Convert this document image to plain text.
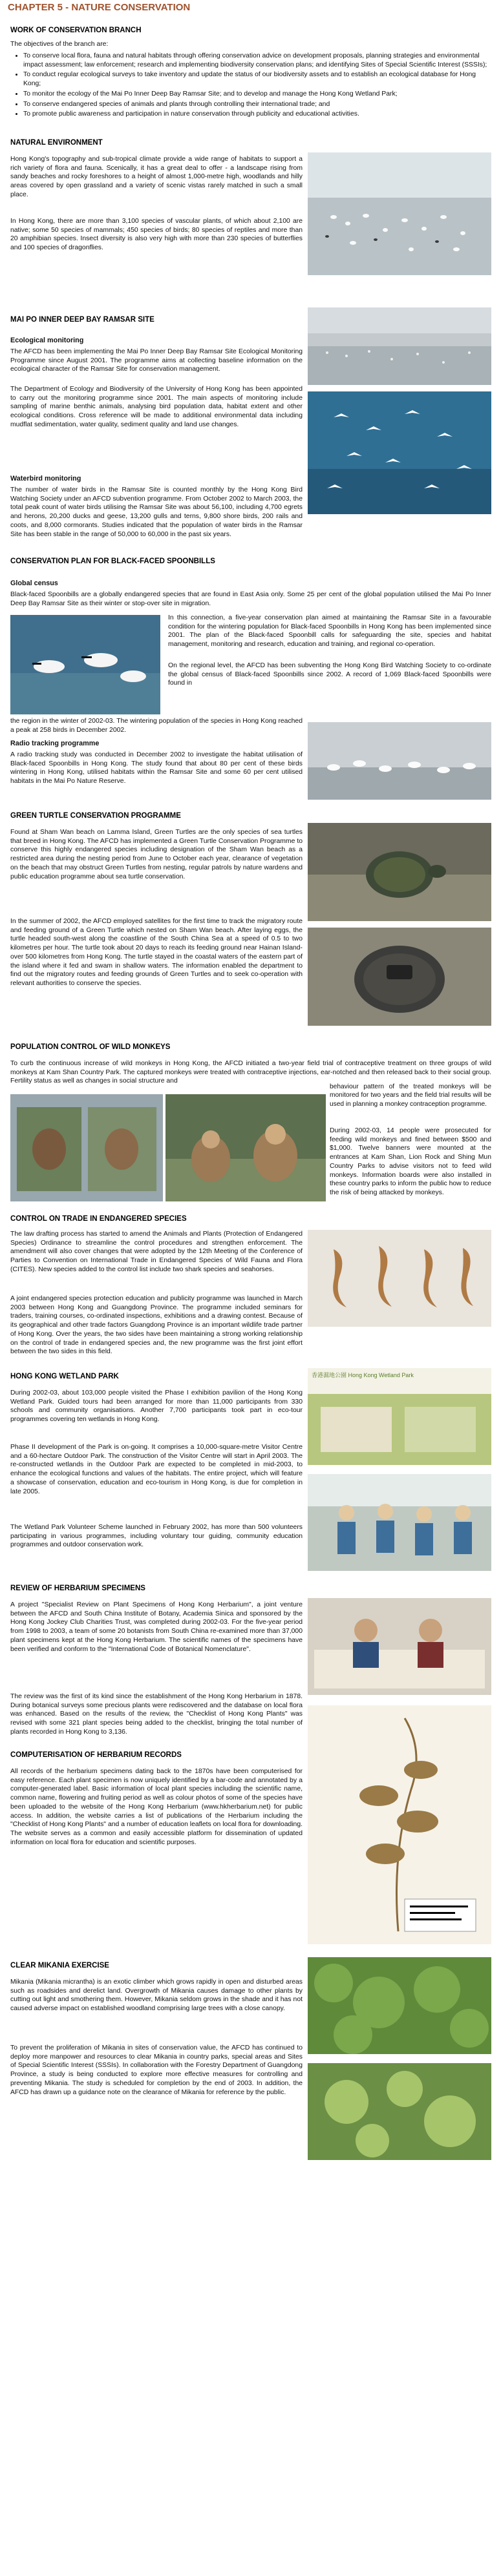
CHAPTER 5 - NATURE CONSERVATION
WORK OF CONSERVATION BRANCH
The objectives of the branch are:
• To conserve local flora, fauna and natural habitats through offering conservation advice on development proposals, planning strategies and environmental impact assessment; law enforcement; research and implementing biodiversity conservation plans; and identifying Sites of Special Scientific Interest (SSSIs);
• To conduct regular ecological surveys to take inventory and update the status of our biodiversity assets and to establish an ecological database for Hong Kong;
• To monitor the ecology of the Mai Po Inner Deep Bay Ramsar Site; and to develop and manage the Hong Kong Wetland Park;
• To conserve endangered species of animals and plants through controlling their international trade; and
• To promote public awareness and participation in nature conservation through publicity and educational activities.
NATURAL ENVIRONMENT
Hong Kong's topography and sub-tropical climate provide a wide range of habitats to support a rich variety of flora and fauna. Scenically, it has a great deal to offer - a landscape rising from sandy beaches and rocky foreshores to a height of almost 1,000-metre high, woodlands and hilly areas covered by open grassland and a variety of scenic vistas rarely matched in such a small place.
In Hong Kong, there are more than 3,100 species of vascular plants, of which about 2,100 are native; some 50 species of mammals; 450 species of birds; 80 species of reptiles and more than 20 amphibian species. Insect diversity is also very high with more than 230 species of butterflies and 100 species of dragonflies.
MAI PO INNER DEEP BAY RAMSAR SITE
Ecological monitoring
The AFCD has been implementing the Mai Po Inner Deep Bay Ramsar Site Ecological Monitoring Programme since August 2001. The programme aims at collecting baseline information on the ecological character of the Ramsar Site for conservation management.
The Department of Ecology and Biodiversity of the University of Hong Kong has been appointed to carry out the monitoring programme since 2001. The main aspects of monitoring include sampling of marine benthic animals, analysing bird population data, habitat extent and other ecological conditions. Cross reference will be made to additional environmental data including mudflat sedimentation, water quality, sediment quality and land use changes.
Waterbird monitoring
The number of water birds in the Ramsar Site is counted monthly by the Hong Kong Bird Watching Society under an AFCD subvention programme. From October 2002 to March 2003, the total peak count of water birds utilising the Ramsar Site was about 56,100, including 4,700 egrets and herons, 20,200 ducks and geese, 13,200 gulls and terns, 9,800 shore birds, 200 rails and coots, and 8,000 cormorants. Studies indicated that the population of water birds in the Ramsar Site has been stable in the range of 50,000 to 60,000 in the past six years.
CONSERVATION PLAN FOR BLACK-FACED SPOONBILLS
Global census
Black-faced Spoonbills are a globally endangered species that are found in East Asia only. Some 25 per cent of the global population utilised the Mai Po Inner Deep Bay Ramsar Site as their winter or stop-over site in migration.
In this connection, a five-year conservation plan aimed at maintaining the Ramsar Site in a favourable condition for the wintering population for Black-faced Spoonbills in Hong Kong has been implemented since 2001. The plan of the Black-faced Spoonbill calls for safeguarding the site, species and habitat management, monitoring and research, education and training, and regional co-operation.
On the regional level, the AFCD has been subventing the Hong Kong Bird Watching Society to co-ordinate the global census of Black-faced Spoonbills since 2002. A record of 1,069 Black-faced Spoonbills were found in
the region in the winter of 2002-03. The wintering population of the species in Hong Kong reached a peak at 258 birds in December 2002.
Radio tracking programme
A radio tracking study was conducted in December 2002 to investigate the habitat utilisation of Black-faced Spoonbills in Hong Kong. The study found that about 80 per cent of these birds wintering in Hong Kong, utilised habitats within the Ramsar Site and some 60 per cent utilised habitats in the Mai Po Nature Reserve.
GREEN TURTLE CONSERVATION PROGRAMME
Found at Sham Wan beach on Lamma Island, Green Turtles are the only species of sea turtles that breed in Hong Kong. The AFCD has implemented a Green Turtle Conservation Programme to conserve this highly endangered species including designation of the Sham Wan beach as a restricted area during the nesting period from June to October each year, clearance of vegetation on the beach that may obstruct Green Turtles from nesting, regular patrols by nature wardens and public education programme about sea turtle conservation.
In the summer of 2002, the AFCD employed satellites for the first time to track the migratory route and feeding ground of a Green Turtle which nested on Sham Wan beach. After laying eggs, the turtle headed south-west along the coastline of the South China Sea at a speed of 0.5 to two kilometres per hour. The turtle took about 20 days to reach its feeding ground near Hainan Island-over 500 kilometres from Hong Kong. The turtle stayed in the coastal waters of the eastern part of the island where it fed and swam in shallow waters. The information enabled the department to find out the migratory routes and feeding grounds of Green Turtles and to seek co-operation with relevant authorities to conserve the species.
POPULATION CONTROL OF WILD MONKEYS
To curb the continuous increase of wild monkeys in Hong Kong, the AFCD initiated a two-year field trial of contraceptive treatment on three groups of wild monkeys at Kam Shan Country Park. The captured monkeys were treated with contraceptive injections, ear-notched and then released back to their social group. Fertility status as well as changes in social structure and
behaviour pattern of the treated monkeys will be monitored for two years and the field trial results will be used in planning a monkey contraception programme.
During 2002-03, 14 people were prosecuted for feeding wild monkeys and fined between $500 and $1,000. Twelve banners were mounted at the entrances at Kam Shan, Lion Rock and Shing Mun Country Parks to advise visitors not to feed wild monkeys. Information boards were also installed in these country parks to inform the public how to reduce the risk of being attacked by monkeys.
CONTROL ON TRADE IN ENDANGERED SPECIES
The law drafting process has started to amend the Animals and Plants (Protection of Endangered Species) Ordinance to streamline the control procedures and strengthen enforcement. The amendment will also cover changes that were adopted by the 12th Meeting of the Conference of Parties to Convention on International Trade in Endangered Species of Wild Fauna and Flora (CITES). New species added to the control list include two shark species and seahorses.
A joint endangered species protection education and publicity programme was launched in March 2003 between Hong Kong and Guangdong Province. The programme included seminars for traders, training courses, co-ordinated inspections, exhibitions and a drawing contest. Because of its geographical and other trade factors Guangdong Province is an important wildlife trade partner of Hong Kong. Over the years, the two sides have been maintaining a strong working relationship on the control of trade in endangered species and, the new programme was the first joint effort between the two sides in this field.
HONG KONG WETLAND PARK	香港濕地公園 Hong Kong Wetland Park
During 2002-03, about 103,000 people visited the Phase I exhibition pavilion of the Hong Kong Wetland Park. Guided tours had been arranged for more than 11,000 participants from 330 schools and community organisations. Another 7,700 participants took part in eco-tour programmes covering ten wetlands in Hong Kong.
Phase II development of the Park is on-going. It comprises a 10,000-square-metre Visitor Centre and a 60-hectare Outdoor Park. The construction of the Visitor Centre will start in April 2003. The re-constructed wetlands in the Outdoor Park are expected to be completed in mid-2003, to enhance the ecological functions and values of the habitats. The entire project, which will feature a showcase of conservation, education and eco-tourism in Hong Kong, is due for completion in late 2005.
The Wetland Park Volunteer Scheme launched in February 2002, has more than 500 volunteers participating in various programmes, including voluntary tour guiding, community education programmes and outdoor conservation work.
REVIEW OF HERBARIUM SPECIMENS
A project "Specialist Review on Plant Specimens of Hong Kong Herbarium", a joint venture between the AFCD and South China Institute of Botany, Academia Sinica and sponsored by the Hong Kong Jockey Club Charities Trust, was completed during 2002-03. For the five-year period from 1998 to 2003, a team of some 20 botanists from South China re-examined more than 37,000 plant specimens kept at the Hong Kong Herbarium. The scientific names of the specimens have been verified and conform to the "International Code of Botanical Nomenclature".
The review was the first of its kind since the establishment of the Hong Kong Herbarium in 1878. During botanical surveys some precious plants were rediscovered and the database on local flora was enhanced. Based on the results of the review, the "Checklist of Hong Kong Plants" was revised with some 321 plant species being added to the checklist, bringing the total number of plants recorded in Hong Kong to 3,136.
COMPUTERISATION OF HERBARIUM RECORDS
All records of the herbarium specimens dating back to the 1870s have been computerised for easy reference. Each plant specimen is now uniquely identified by a bar-code and annotated by a computer-generated label. Basic information of local plant species including the scientific name, common name, flowering and fruiting period as well as colour photos of some of the species have been uploaded to the website of the Hong Kong Herbarium (www.hkherbarium.net) for public access. In addition, the website carries a list of publications of the Herbarium including the "Checklist of Hong Kong Plants" and a number of education leaflets on local flora for downloading. The website serves as a common and easily accessible platform for dissemination of updated information on local flora for education and scientific purposes.
CLEAR MIKANIA EXERCISE
Mikania (Mikania micrantha) is an exotic climber which grows rapidly in open and disturbed areas such as roadsides and derelict land. Overgrowth of Mikania causes damage to other plants by cutting out light and smothering them. However, Mikania seldom grows in the shade and it has not caused adverse impact on established woodland comprising large trees with a close canopy.
To prevent the proliferation of Mikania in sites of conservation value, the AFCD has continued to deploy more manpower and resources to clear Mikania in country parks, special areas and Sites of Special Scientific Interest (SSSIs). In collaboration with the Forestry Department of Guangdong Province, a study is being conducted to explore more effective measures for controlling and preventing Mikania. The study is scheduled for completion by the end of 2003. In addition, the AFCD has drawn up a guidance note on the clearance of Mikania for reference by the public.
